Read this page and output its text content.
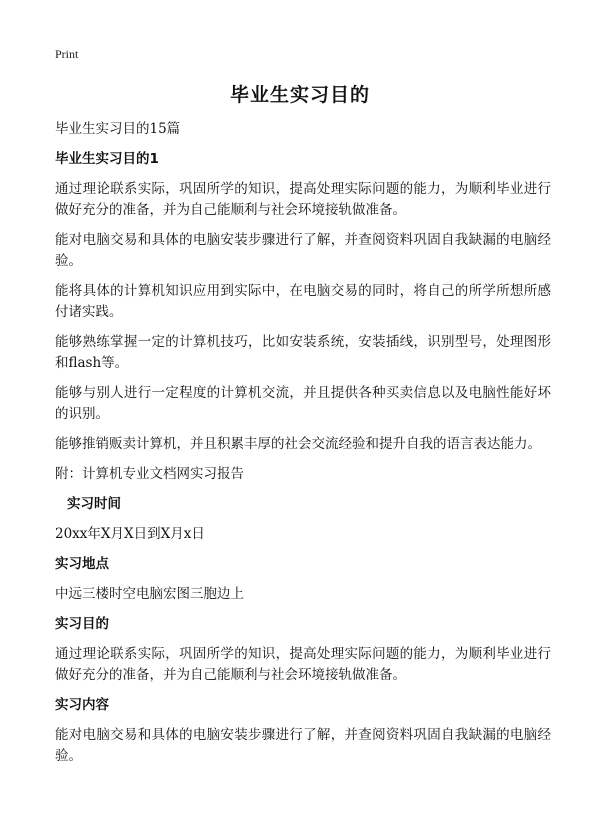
Print
毕业生实习目的

毕业生实习目的15篇

毕业生实习目的1

通过理论联系实际，巩固所学的知识，提高处理实际问题的能力，为顺利毕业进行做好充分的准备，并为自己能顺利与社会环境接轨做准备。

能对电脑交易和具体的电脑安装步骤进行了解，并查阅资料巩固自我缺漏的电脑经验。

能将具体的计算机知识应用到实际中，在电脑交易的同时，将自己的所学所想所感付诸实践。

能够熟练掌握一定的计算机技巧，比如安装系统，安装插线，识别型号，处理图形和flash等。

能够与别人进行一定程度的计算机交流，并且提供各种买卖信息以及电脑性能好坏的识别。

能够推销贩卖计算机，并且积累丰厚的社会交流经验和提升自我的语言表达能力。

附：计算机专业文档网实习报告

实习时间

20xx年X月X日到X月x日

实习地点

中远三楼时空电脑宏图三胞边上

实习目的

通过理论联系实际，巩固所学的知识，提高处理实际问题的能力，为顺利毕业进行做好充分的准备，并为自己能顺利与社会环境接轨做准备。

实习内容

能对电脑交易和具体的电脑安装步骤进行了解，并查阅资料巩固自我缺漏的电脑经验。
